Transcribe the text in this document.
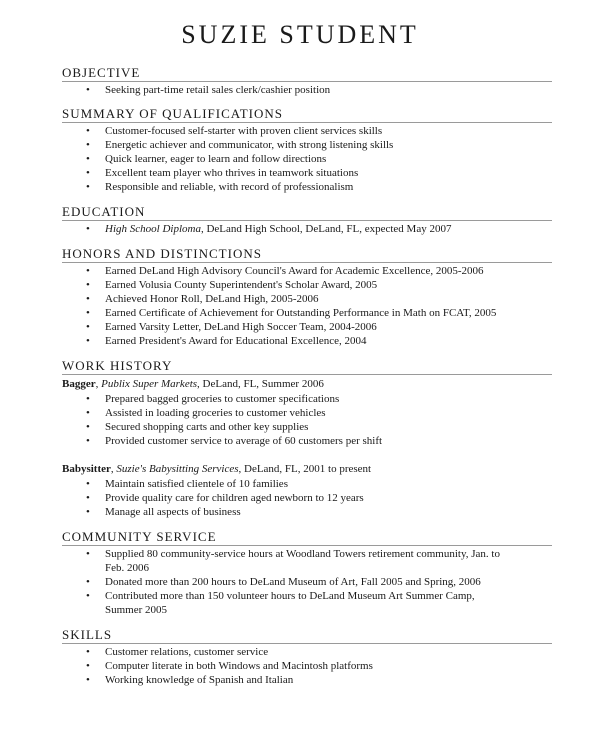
SUZIE STUDENT
OBJECTIVE
• Seeking part-time retail sales clerk/cashier position
SUMMARY OF QUALIFICATIONS
• Customer-focused self-starter with proven client services skills
• Energetic achiever and communicator, with strong listening skills
• Quick learner, eager to learn and follow directions
• Excellent team player who thrives in teamwork situations
• Responsible and reliable, with record of professionalism
EDUCATION
• High School Diploma, DeLand High School, DeLand, FL, expected May 2007
HONORS AND DISTINCTIONS
• Earned DeLand High Advisory Council's Award for Academic Excellence, 2005-2006
• Earned Volusia County Superintendent's Scholar Award, 2005
• Achieved Honor Roll, DeLand High, 2005-2006
• Earned Certificate of Achievement for Outstanding Performance in Math on FCAT, 2005
• Earned Varsity Letter, DeLand High Soccer Team, 2004-2006
• Earned President's Award for Educational Excellence, 2004
WORK HISTORY
Bagger, Publix Super Markets, DeLand, FL, Summer 2006
• Prepared bagged groceries to customer specifications
• Assisted in loading groceries to customer vehicles
• Secured shopping carts and other key supplies
• Provided customer service to average of 60 customers per shift
Babysitter, Suzie's Babysitting Services, DeLand, FL, 2001 to present
• Maintain satisfied clientele of 10 families
• Provide quality care for children aged newborn to 12 years
• Manage all aspects of business
COMMUNITY SERVICE
• Supplied 80 community-service hours at Woodland Towers retirement community, Jan. to
Feb. 2006
• Donated more than 200 hours to DeLand Museum of Art, Fall 2005 and Spring, 2006
• Contributed more than 150 volunteer hours to DeLand Museum Art Summer Camp,
Summer 2005
SKILLS
• Customer relations, customer service
• Computer literate in both Windows and Macintosh platforms
• Working knowledge of Spanish and Italian
